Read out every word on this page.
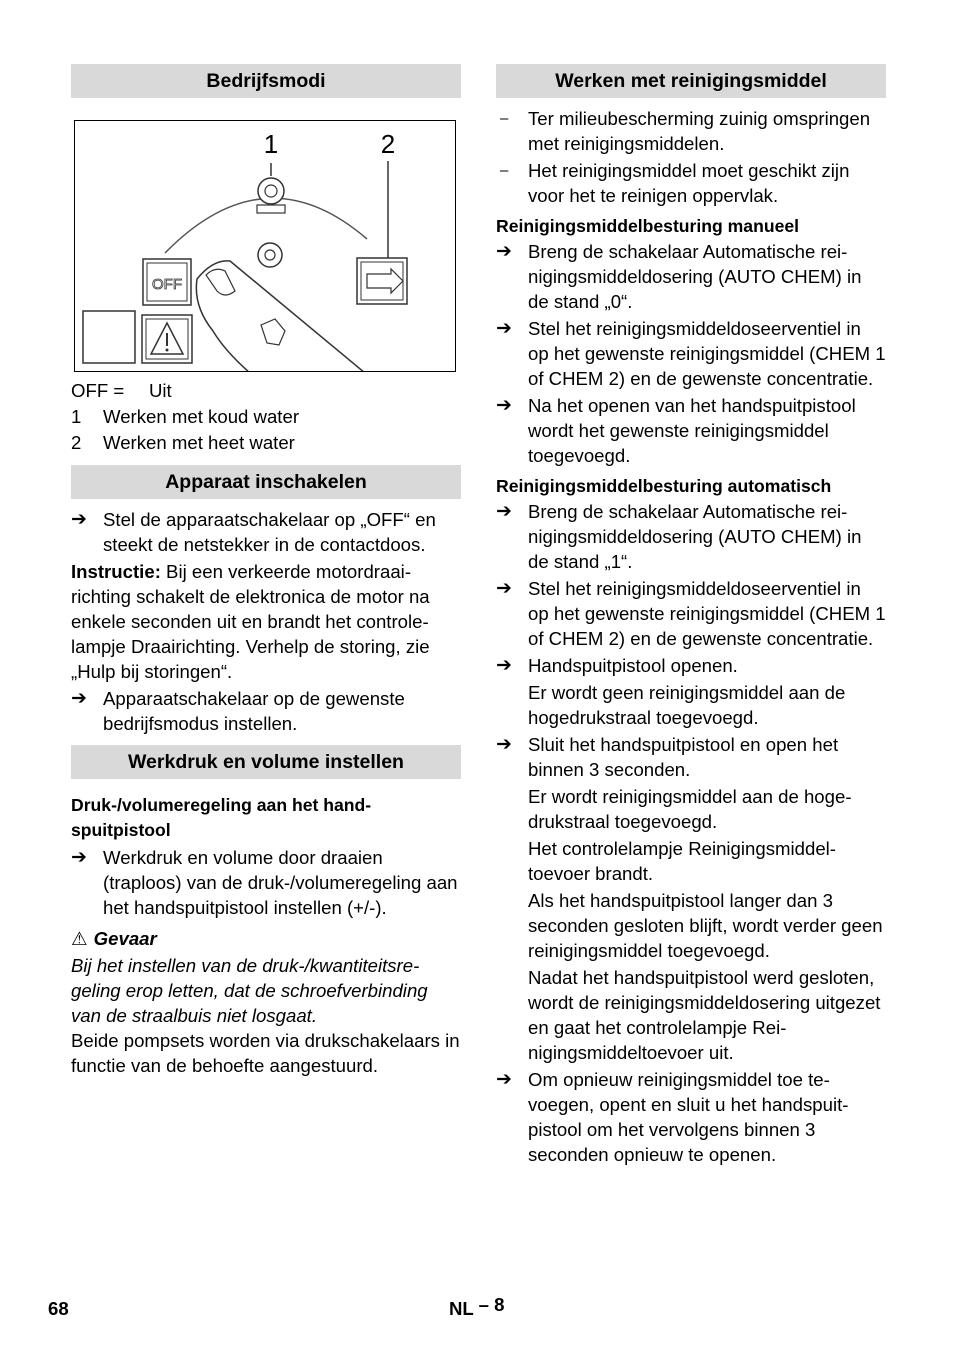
Bedrijfsmodi
OFF
1	2

OFF = Uit

1 Werken met koud water

2 Werken met heet water

Apparaat inschakelen

➔ Stel de apparaatschakelaar op „OFF“ en steekt de netstekker in de contactdoos.

Instructie: Bij een verkeerde motordraairichting schakelt de elektronica de motor na enkele seconden uit en brandt het controlelampje Draairichting. Verhelp de storing, zie „Hulp bij storingen“.

➔ Apparaatschakelaar op de gewenste bedrijfsmodus instellen.

Werkdruk en volume instellen

Druk-/volumeregeling aan het handspuitpistool

➔ Werkdruk en volume door draaien (traploos) van de druk-/volumeregeling aan het handspuitpistool instellen (+/-).

⚠ Gevaar

Bij het instellen van de druk-/kwantiteitsregeling erop letten, dat de schroefverbinding van de straalbuis niet losgaat.

Beide pompsets worden via drukschakelaars in functie van de behoefte aangestuurd.

Werken met reinigingsmiddel

–	Ter milieubescherming zuinig omspringen met reinigingsmiddelen.

–	Het reinigingsmiddel moet geschikt zijn voor het te reinigen oppervlak.

Reinigingsmiddelbesturing manueel

➔ Breng de schakelaar Automatische reinigingsmiddeldosering (AUTO CHEM) in de stand „0“.

➔ Stel het reinigingsmiddeldoseerventiel in op het gewenste reinigingsmiddel (CHEM 1 of CHEM 2) en de gewenste concentratie.

➔ Na het openen van het handspuitpistool wordt het gewenste reinigingsmiddel toegevoegd.

Reinigingsmiddelbesturing automatisch

➔ Breng de schakelaar Automatische reinigingsmiddeldosering (AUTO CHEM) in de stand „1“.

➔ Stel het reinigingsmiddeldoseerventiel in op het gewenste reinigingsmiddel (CHEM 1 of CHEM 2) en de gewenste concentratie.

➔ Handspuitpistool openen.

Er wordt geen reinigingsmiddel aan de hogedrukstraal toegevoegd.

➔ Sluit het handspuitpistool en open het binnen 3 seconden.

Er wordt reinigingsmiddel aan de hogedrukstraal toegevoegd.

Het controlelampje Reinigingsmiddeltoevoer brandt.

Als het handspuitpistool langer dan 3 seconden gesloten blijft, wordt verder geen reinigingsmiddel toegevoegd.

Nadat het handspuitpistool werd gesloten, wordt de reinigingsmiddeldosering uitgezet en gaat het controlelampje Reinigingsmiddeltoevoer uit.

➔ Om opnieuw reinigingsmiddel toe tevoegen, opent en sluit u het handspuitpistool om het vervolgens binnen 3 seconden opnieuw te openen.

68	NL – 8
